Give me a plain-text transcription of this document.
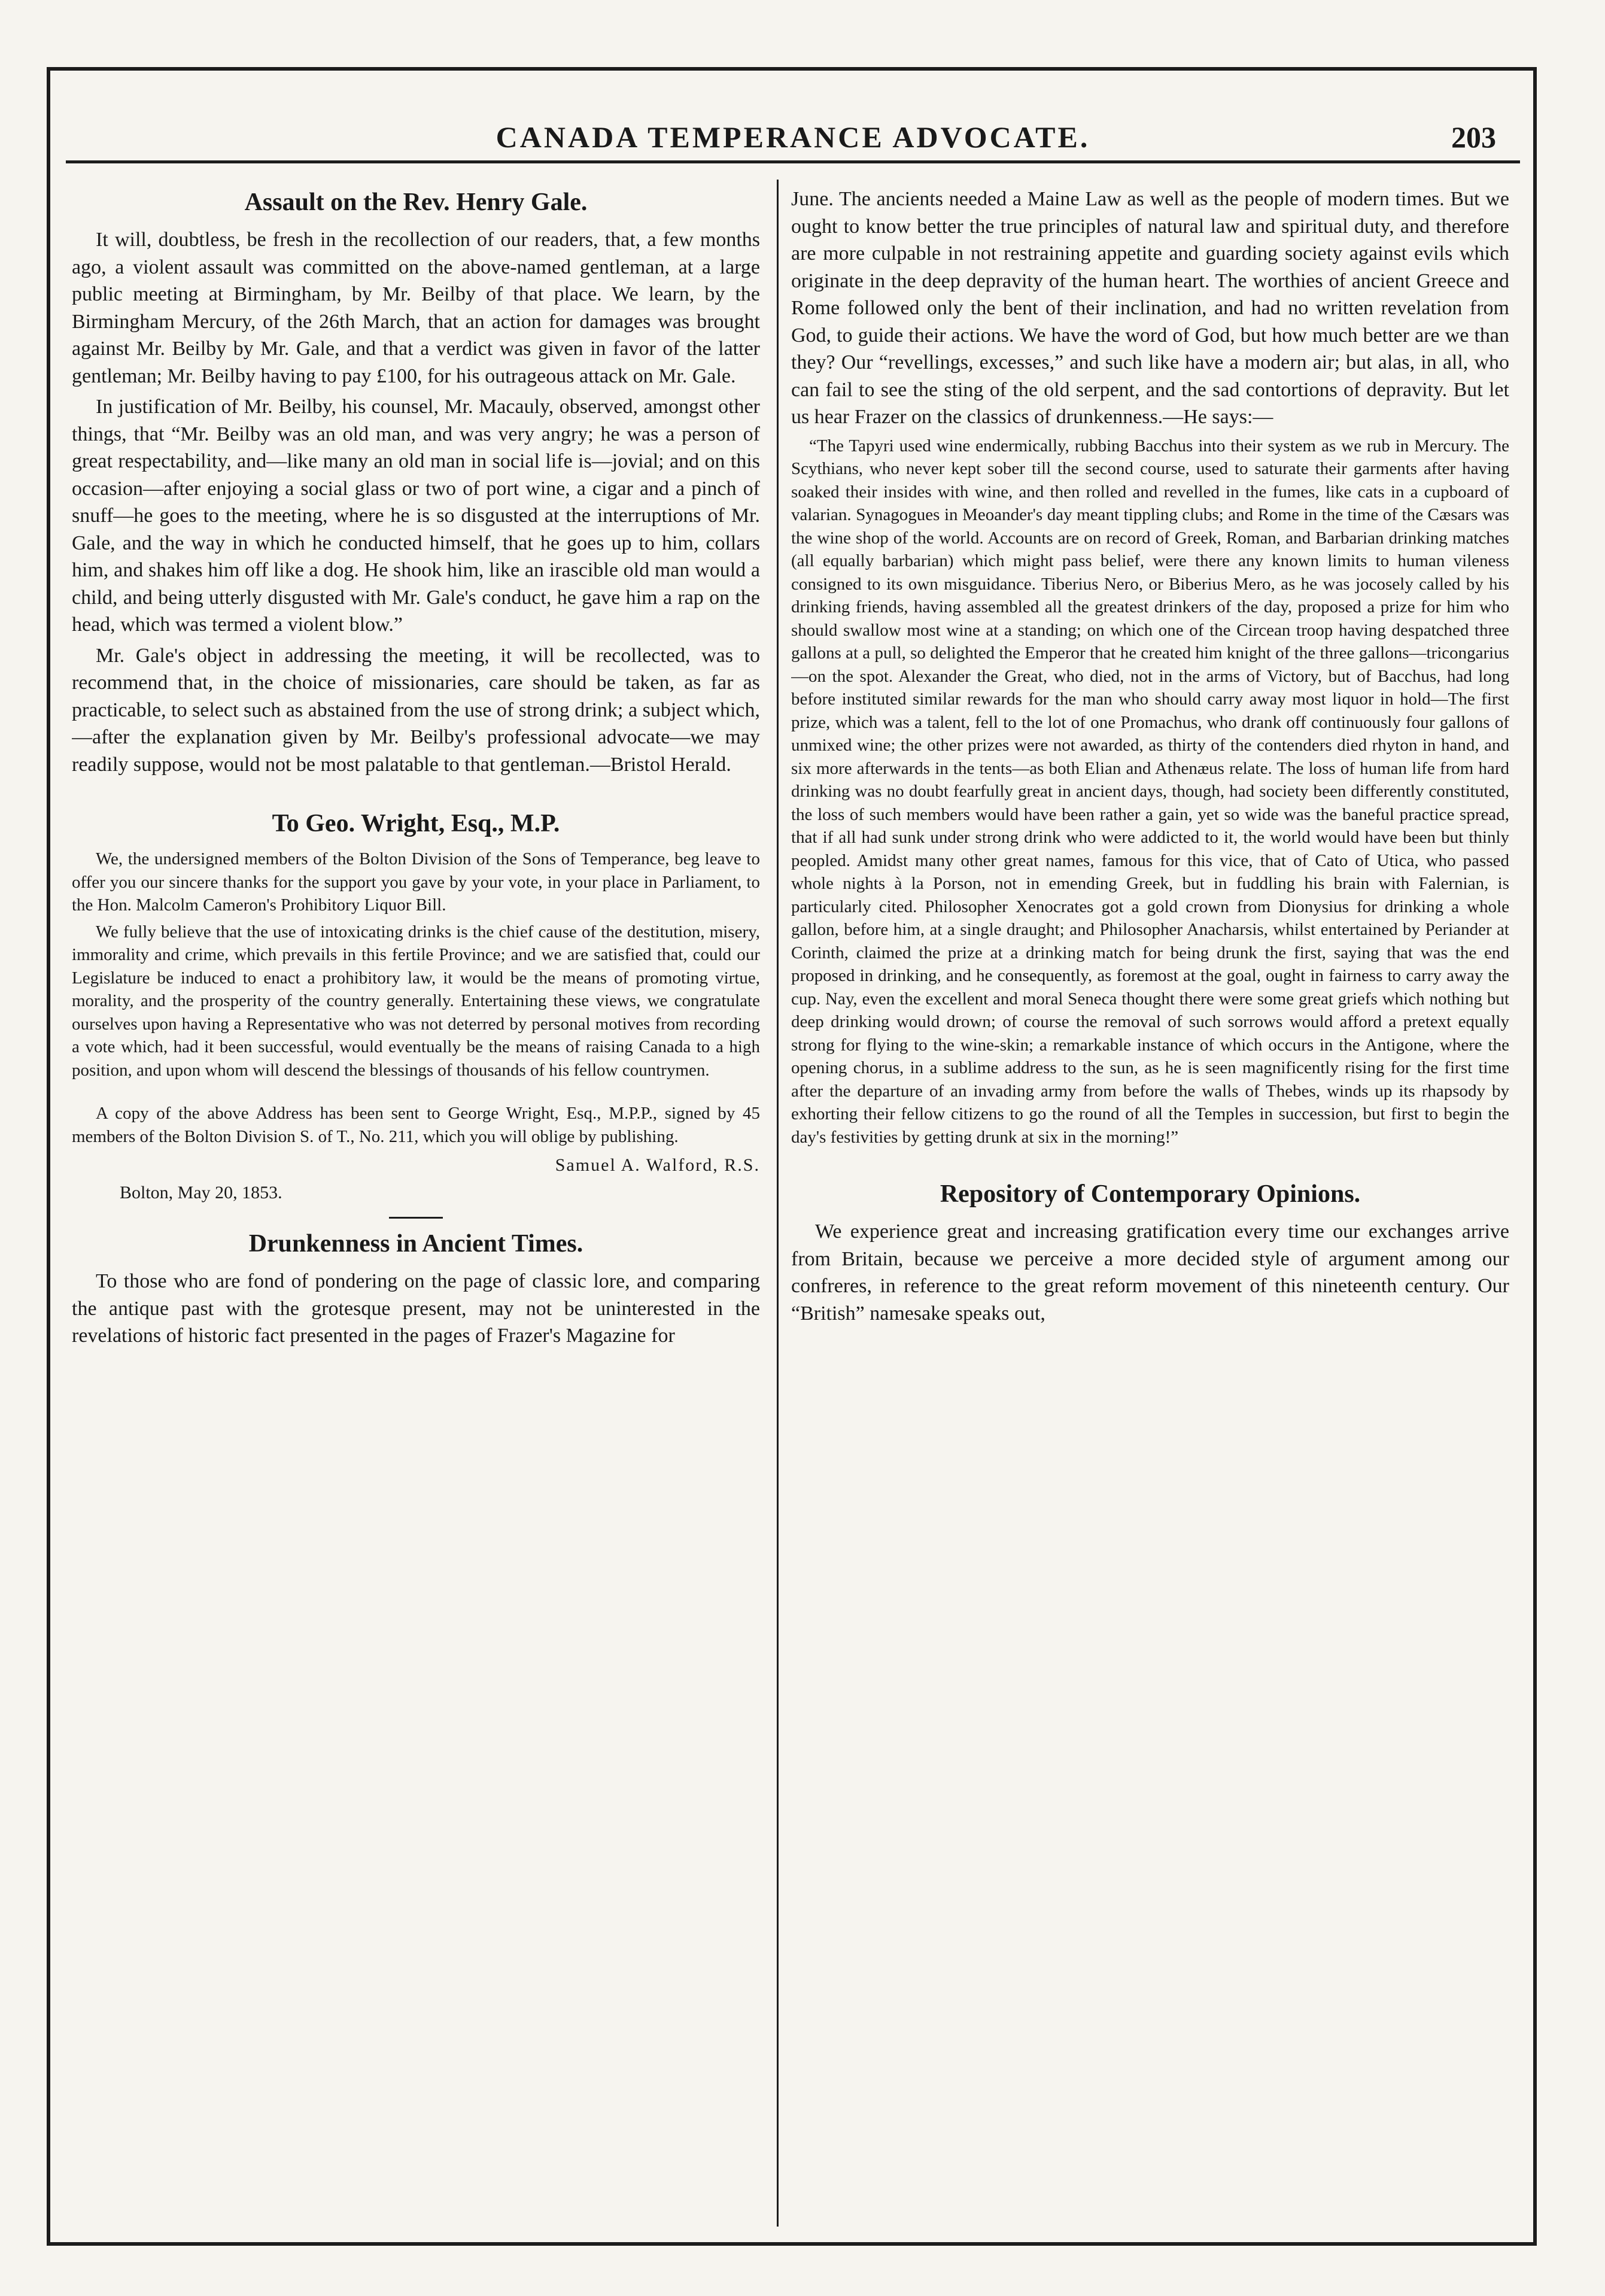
CANADA TEMPERANCE ADVOCATE.	203
Assault on the Rev. Henry Gale.

It will, doubtless, be fresh in the recollection of our readers, that, a few months ago, a violent assault was committed on the above-named gentleman, at a large public meeting at Birmingham, by Mr. Beilby of that place. We learn, by the Birmingham Mercury, of the 26th March, that an action for damages was brought against Mr. Beilby by Mr. Gale, and that a verdict was given in favor of the latter gentleman; Mr. Beilby having to pay £100, for his outrageous attack on Mr. Gale.

In justification of Mr. Beilby, his counsel, Mr. Macauly, observed, amongst other things, that “Mr. Beilby was an old man, and was very angry; he was a person of great respectability, and—like many an old man in social life is—jovial; and on this occasion—after enjoying a social glass or two of port wine, a cigar and a pinch of snuff—he goes to the meeting, where he is so disgusted at the interruptions of Mr. Gale, and the way in which he conducted himself, that he goes up to him, collars him, and shakes him off like a dog. He shook him, like an irascible old man would a child, and being utterly disgusted with Mr. Gale's conduct, he gave him a rap on the head, which was termed a violent blow.”

Mr. Gale's object in addressing the meeting, it will be recollected, was to recommend that, in the choice of missionaries, care should be taken, as far as practicable, to select such as abstained from the use of strong drink; a subject which, —after the explanation given by Mr. Beilby's professional advocate—we may readily suppose, would not be most palatable to that gentleman.—Bristol Herald.

To Geo. Wright, Esq., M.P.

We, the undersigned members of the Bolton Division of the Sons of Temperance, beg leave to offer you our sincere thanks for the support you gave by your vote, in your place in Parliament, to the Hon. Malcolm Cameron's Prohibitory Liquor Bill.

We fully believe that the use of intoxicating drinks is the chief cause of the destitution, misery, immorality and crime, which prevails in this fertile Province; and we are satisfied that, could our Legislature be induced to enact a prohibitory law, it would be the means of promoting virtue, morality, and the prosperity of the country generally. Entertaining these views, we congratulate ourselves upon having a Representative who was not deterred by personal motives from recording a vote which, had it been successful, would eventually be the means of raising Canada to a high position, and upon whom will descend the blessings of thousands of his fellow countrymen.

A copy of the above Address has been sent to George Wright, Esq., M.P.P., signed by 45 members of the Bolton Division S. of T., No. 211, which you will oblige by publishing.

Samuel A. Walford, R.S.

Bolton, May 20, 1853.

Drunkenness in Ancient Times.

To those who are fond of pondering on the page of classic lore, and comparing the antique past with the grotesque present, may not be uninterested in the revelations of historic fact presented in the pages of Frazer's Magazine for

June. The ancients needed a Maine Law as well as the people of modern times. But we ought to know better the true principles of natural law and spiritual duty, and therefore are more culpable in not restraining appetite and guarding society against evils which originate in the deep depravity of the human heart. The worthies of ancient Greece and Rome followed only the bent of their inclination, and had no written revelation from God, to guide their actions. We have the word of God, but how much better are we than they? Our “revellings, excesses,” and such like have a modern air; but alas, in all, who can fail to see the sting of the old serpent, and the sad contortions of depravity. But let us hear Frazer on the classics of drunkenness.—He says:—

“The Tapyri used wine endermically, rubbing Bacchus into their system as we rub in Mercury. The Scythians, who never kept sober till the second course, used to saturate their garments after having soaked their insides with wine, and then rolled and revelled in the fumes, like cats in a cupboard of valarian. Synagogues in Meoander's day meant tippling clubs; and Rome in the time of the Cæsars was the wine shop of the world. Accounts are on record of Greek, Roman, and Barbarian drinking matches (all equally barbarian) which might pass belief, were there any known limits to human vileness consigned to its own misguidance. Tiberius Nero, or Biberius Mero, as he was jocosely called by his drinking friends, having assembled all the greatest drinkers of the day, proposed a prize for him who should swallow most wine at a standing; on which one of the Circean troop having despatched three gallons at a pull, so delighted the Emperor that he created him knight of the three gallons—tricongarius—on the spot. Alexander the Great, who died, not in the arms of Victory, but of Bacchus, had long before instituted similar rewards for the man who should carry away most liquor in hold—The first prize, which was a talent, fell to the lot of one Promachus, who drank off continuously four gallons of unmixed wine; the other prizes were not awarded, as thirty of the contenders died rhyton in hand, and six more afterwards in the tents—as both Elian and Athenæus relate. The loss of human life from hard drinking was no doubt fearfully great in ancient days, though, had society been differently constituted, the loss of such members would have been rather a gain, yet so wide was the baneful practice spread, that if all had sunk under strong drink who were addicted to it, the world would have been but thinly peopled. Amidst many other great names, famous for this vice, that of Cato of Utica, who passed whole nights à la Porson, not in emending Greek, but in fuddling his brain with Falernian, is particularly cited. Philosopher Xenocrates got a gold crown from Dionysius for drinking a whole gallon, before him, at a single draught; and Philosopher Anacharsis, whilst entertained by Periander at Corinth, claimed the prize at a drinking match for being drunk the first, saying that was the end proposed in drinking, and he consequently, as foremost at the goal, ought in fairness to carry away the cup. Nay, even the excellent and moral Seneca thought there were some great griefs which nothing but deep drinking would drown; of course the removal of such sorrows would afford a pretext equally strong for flying to the wine-skin; a remarkable instance of which occurs in the Antigone, where the opening chorus, in a sublime address to the sun, as he is seen magnificently rising for the first time after the departure of an invading army from before the walls of Thebes, winds up its rhapsody by exhorting their fellow citizens to go the round of all the Temples in succession, but first to begin the day's festivities by getting drunk at six in the morning!”

Repository of Contemporary Opinions.

We experience great and increasing gratification every time our exchanges arrive from Britain, because we perceive a more decided style of argument among our confreres, in reference to the great reform movement of this nineteenth century. Our “British” namesake speaks out,
